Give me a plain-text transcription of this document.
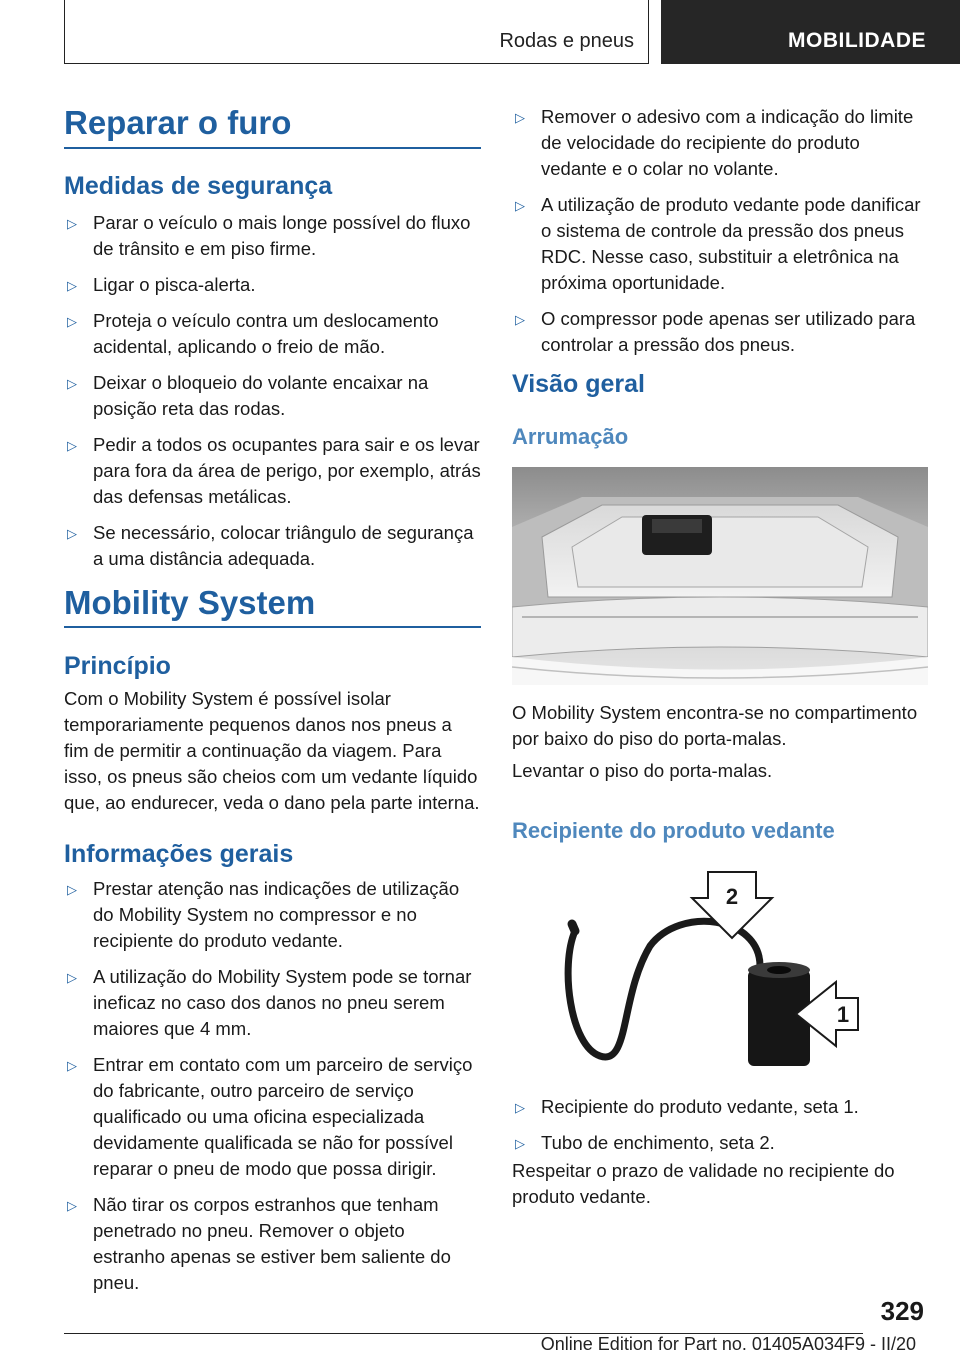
Rodas e pneus	MOBILIDADE
Reparar o furo
Medidas de segurança
▷ Parar o veículo o mais longe possível do fluxo de trânsito e em piso firme.
▷ Ligar o pisca-alerta.
▷ Proteja o veículo contra um deslocamento acidental, aplicando o freio de mão.
▷ Deixar o bloqueio do volante encaixar na posição reta das rodas.
▷ Pedir a todos os ocupantes para sair e os levar para fora da área de perigo, por exemplo, atrás das defensas metálicas.
▷ Se necessário, colocar triângulo de segurança a uma distância adequada.
Mobility System
Princípio

Com o Mobility System é possível isolar temporariamente pequenos danos nos pneus a fim de permitir a continuação da viagem. Para isso, os pneus são cheios com um vedante líquido que, ao endurecer, veda o dano pela parte interna.

Informações gerais
▷ Prestar atenção nas indicações de utilização do Mobility System no compressor e no recipiente do produto vedante.
▷ A utilização do Mobility System pode se tornar ineficaz no caso dos danos no pneu serem maiores que 4 mm.
▷ Entrar em contato com um parceiro de serviço do fabricante, outro parceiro de serviço qualificado ou uma oficina especializada devidamente qualificada se não for possível reparar o pneu de modo que possa dirigir.
▷ Não tirar os corpos estranhos que tenham penetrado no pneu. Remover o objeto estranho apenas se estiver bem saliente do pneu.
▷ Remover o adesivo com a indicação do limite de velocidade do recipiente do produto vedante e o colar no volante.
▷ A utilização de produto vedante pode danificar o sistema de controle da pressão dos pneus RDC. Nesse caso, substituir a eletrônica na próxima oportunidade.
▷ O compressor pode apenas ser utilizado para controlar a pressão dos pneus.
Visão geral
Arrumação

O Mobility System encontra-se no compartimento por baixo do piso do porta-malas.

Levantar o piso do porta-malas.

Recipiente do produto vedante
2
1
▷ Recipiente do produto vedante, seta 1.
▷ Tubo de enchimento, seta 2.

Respeitar o prazo de validade no recipiente do produto vedante.

329
Online Edition for Part no. 01405A034F9 - II/20
